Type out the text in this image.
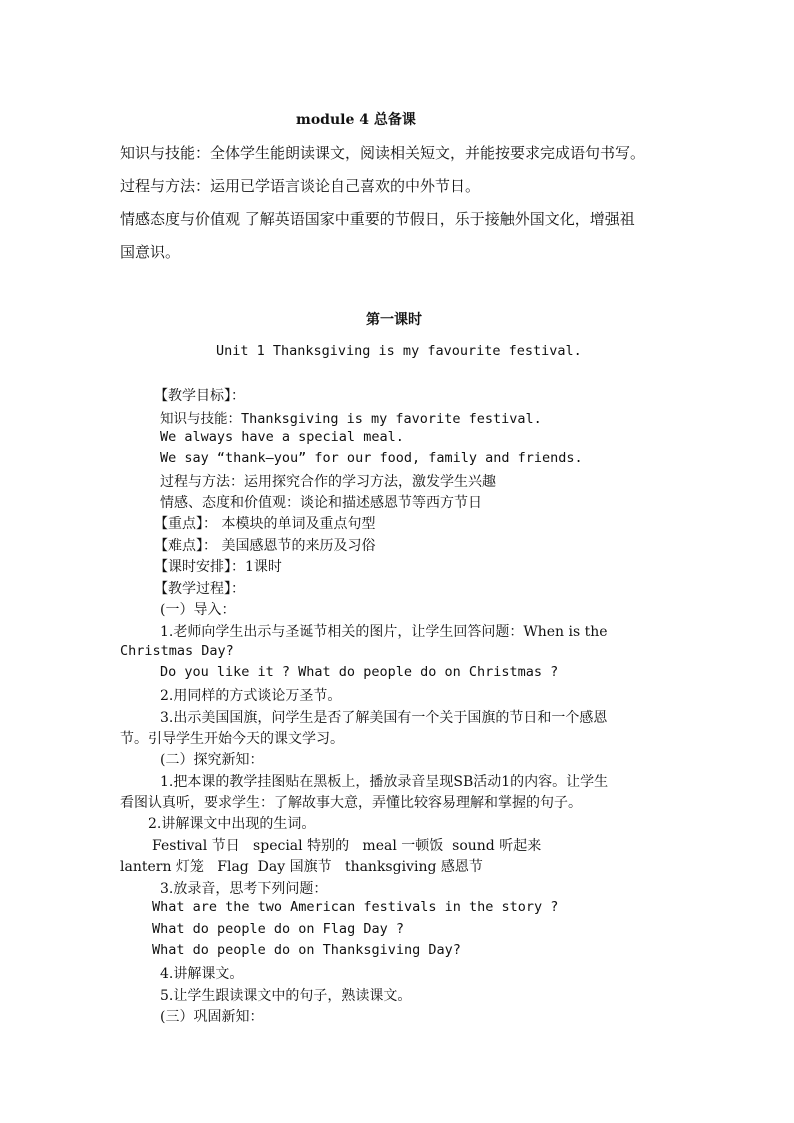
module 4 总备课
知识与技能：全体学生能朗读课文，阅读相关短文，并能按要求完成语句书写。
过程与方法：运用已学语言谈论自己喜欢的中外节日。
情感态度与价值观 了解英语国家中重要的节假日，乐于接触外国文化，增强祖
国意识。
第一课时
Unit 1 Thanksgiving is my favourite festival.
【教学目标】：
知识与技能：Thanksgiving is my favorite festival.
We always have a special meal.
We say “thank—you” for our food, family and friends.
过程与方法：运用探究合作的学习方法，激发学生兴趣
情感、态度和价值观：谈论和描述感恩节等西方节日
【重点】： 本模块的单词及重点句型
【难点】： 美国感恩节的来历及习俗
【课时安排】：1课时
【教学过程】：
(一）导入：
1.老师向学生出示与圣诞节相关的图片，让学生回答问题：When is the
Christmas Day?
Do you like it ? What do people do on Christmas ?
2.用同样的方式谈论万圣节。
3.出示美国国旗，问学生是否了解美国有一个关于国旗的节日和一个感恩
节。引导学生开始今天的课文学习。
(二）探究新知：
1.把本课的教学挂图贴在黑板上，播放录音呈现SB活动1的内容。让学生
看图认真听，要求学生：了解故事大意，弄懂比较容易理解和掌握的句子。
2.讲解课文中出现的生词。
Festival 节日   special 特别的   meal 一顿饭  sound 听起来
lantern 灯笼   Flag  Day 国旗节   thanksgiving 感恩节
3.放录音，思考下列问题：
What are the two American festivals in the story ?
What do people do on Flag Day ?
What do people do on Thanksgiving Day?
4.讲解课文。
5.让学生跟读课文中的句子，熟读课文。
(三）巩固新知：
